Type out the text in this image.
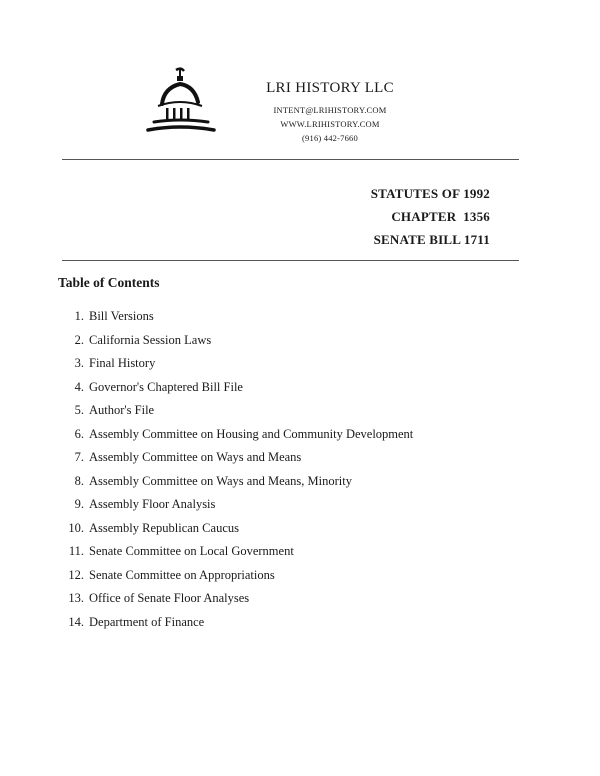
LRI HISTORY LLC
INTENT@LRIHISTORY.COM
WWW.LRIHISTORY.COM
(916) 442-7660
STATUTES OF 1992
CHAPTER  1356
SENATE BILL 1711
Table of Contents
1. Bill Versions
2. California Session Laws
3. Final History
4. Governor's Chaptered Bill File
5. Author's File
6. Assembly Committee on Housing and Community Development
7. Assembly Committee on Ways and Means
8. Assembly Committee on Ways and Means, Minority
9. Assembly Floor Analysis
10. Assembly Republican Caucus
11. Senate Committee on Local Government
12. Senate Committee on Appropriations
13. Office of Senate Floor Analyses
14. Department of Finance
